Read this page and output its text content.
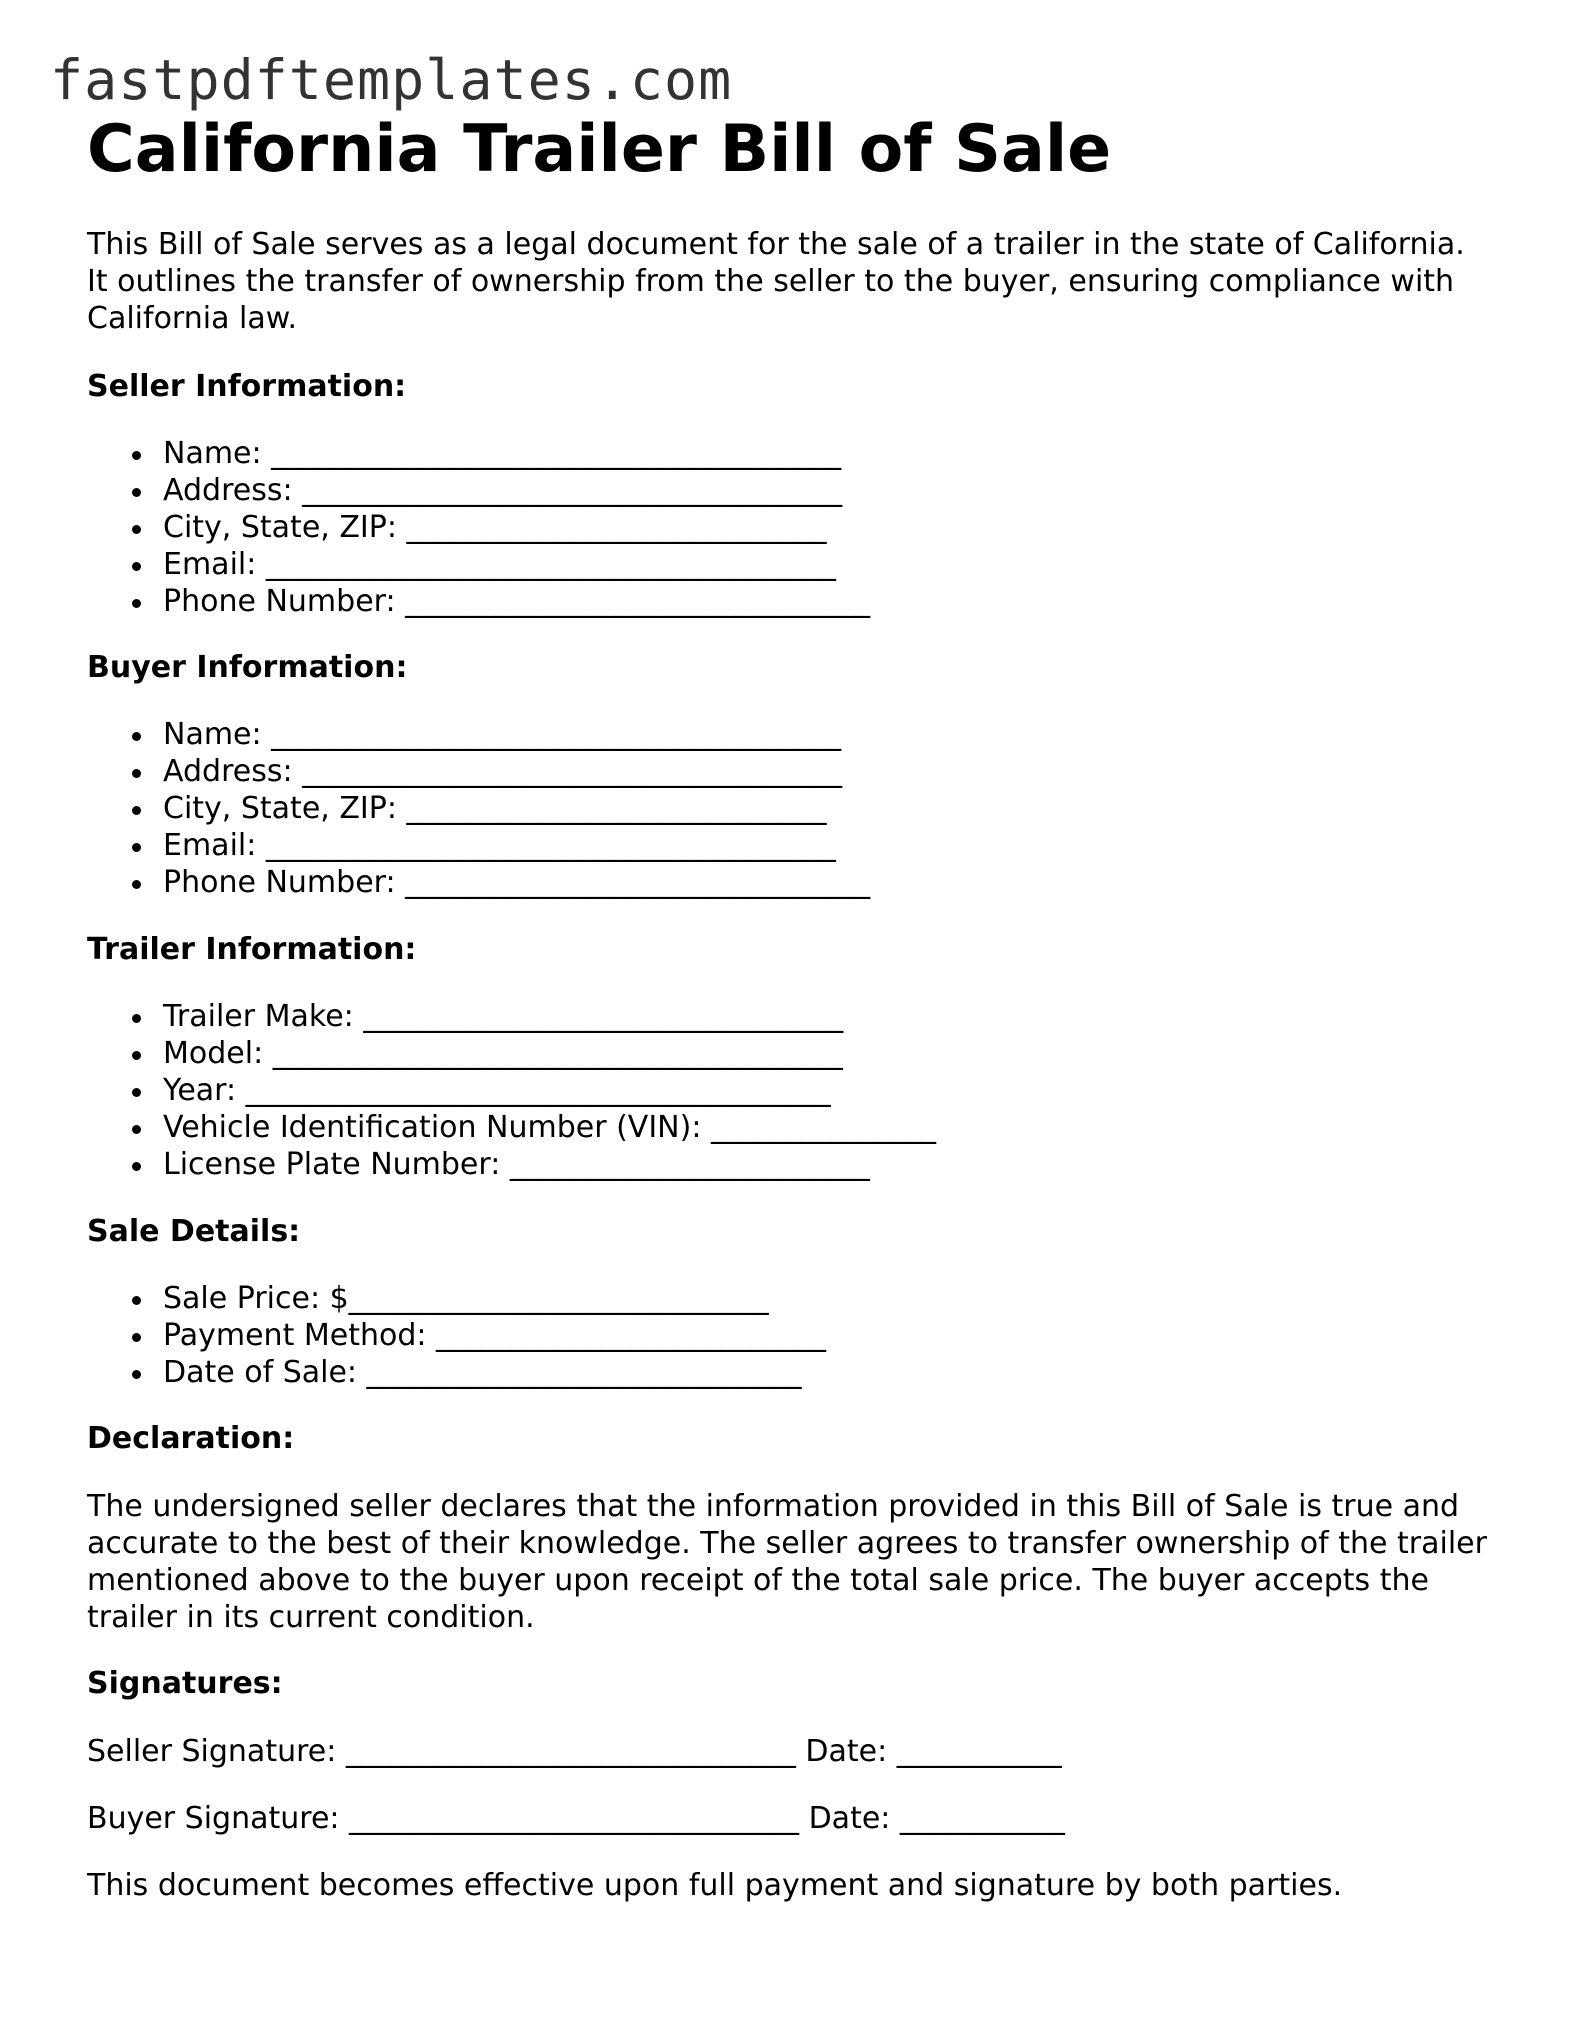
fastpdftemplates.com
California Trailer Bill of Sale

This Bill of Sale serves as a legal document for the sale of a trailer in the state of California. It outlines the transfer of ownership from the seller to the buyer, ensuring compliance with California law.

Seller Information:
Name: ______________________________________
Address: ____________________________________
City, State, ZIP: ____________________________
Email: ______________________________________
Phone Number: _______________________________
Buyer Information:
Name: ______________________________________
Address: ____________________________________
City, State, ZIP: ____________________________
Email: ______________________________________
Phone Number: _______________________________
Trailer Information:
Trailer Make: ________________________________
Model: ______________________________________
Year: _______________________________________
Vehicle Identification Number (VIN): _______________
License Plate Number: ________________________
Sale Details:
Sale Price: $____________________________
Payment Method: __________________________
Date of Sale: _____________________________
Declaration:

The undersigned seller declares that the information provided in this Bill of Sale is true and accurate to the best of their knowledge. The seller agrees to transfer ownership of the trailer mentioned above to the buyer upon receipt of the total sale price. The buyer accepts the trailer in its current condition.

Signatures:

Seller Signature: ______________________________ Date: ___________

Buyer Signature: ______________________________ Date: ___________

This document becomes effective upon full payment and signature by both parties.
